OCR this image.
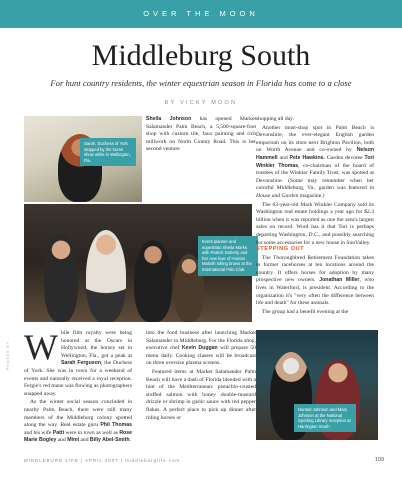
OVER THE MOON
Middleburg South
For hunt country residents, the winter equestrian season in Florida has come to a close
BY VICKY MOON
Sarah, Duchess of York stopped by the horse show while in Wellington, Fla.
Event planner and equestrian Sheila Marks with Patrick Doherty and her new love of Horatio Malosh rolling brows at the International Polo Club
Hunted Johnson and Mary Johnson at the National Sporting Library reception at Harrington South
PHOTOS BY ... W hile film royalty were being honored at the Oscars in Hollywood, the horsey set in Wellington, Fla., got a peak at Sarah Ferguson, the Duchess of York. She was in town for a weekend of events and naturally received a royal reception. Fergie's red mane was flowing as photographers snapped away.

As the winter social season concluded in nearby Palm Beach, there were still many members of the Middleburg colony spotted along the way. Real estate guru Phil Thomas and his wife Patti were in town as well as Rose Marie Bogley and Mimi and Billy Abel-Smith.

Sheila Johnson has opened Market Salamander Palm Beach, a 5,500-square-foot shop with custom tile, faux painting and rich millwork on North County Road. This is her second venture

into the food business after launching Market Salamander in Middleburg. For the Florida shop, executive chef Kevin Duggan will prepare 50 menu daily. Cooking classes will be broadcast on three oversize plasma screens.

Featured items at Market Salamander Palm Beach will have a dash of Florida blended with a hint of the Mediterranean: pistachio-crusted stuffed salmon with honey double-mustard drizzle or shrimp in garlic sauce with red pepper flakes. A perfect place to pick up dinner after riding horses or

shopping all day.

Another must-shop spot in Palm Beach is Devonshire, the ever-elegant English garden emporium on its store next Brighton Pavilion, both on Worth Avenue and co-owned by Nelson Hammell and Pete Hawkins. Garden devotee Tori Winkler Thomas, co-chairman of the board of trustees of the Winkler Family Trust, was spotted at Devonshire. (Some may remember when her colorful Middleburg, Va., garden was featured in House and Garden magazine.)

The 63-year-old Mark Winkler Company sold its Washington real estate holdings a year ago for $2.3 billion when it was reported as one the area's largest sales on record. Word has it that Tori is perhaps departing Washington, D.C., and possibly searching for some accessories for a new house in SunValley.

STEPPING OUT

The Thoroughbred Retirement Foundation takes in former racehorses at ten locations around the country. It offers horses for adoption by many prospective new owners. Jonathan Miller, who lives in Waterford, is president. According to the organization it's "very often the difference between life and death" for these animals.

The group had a benefit evening at the

MIDDLEBURG LIFE | APRIL 2007 | middleburglife.com	109
